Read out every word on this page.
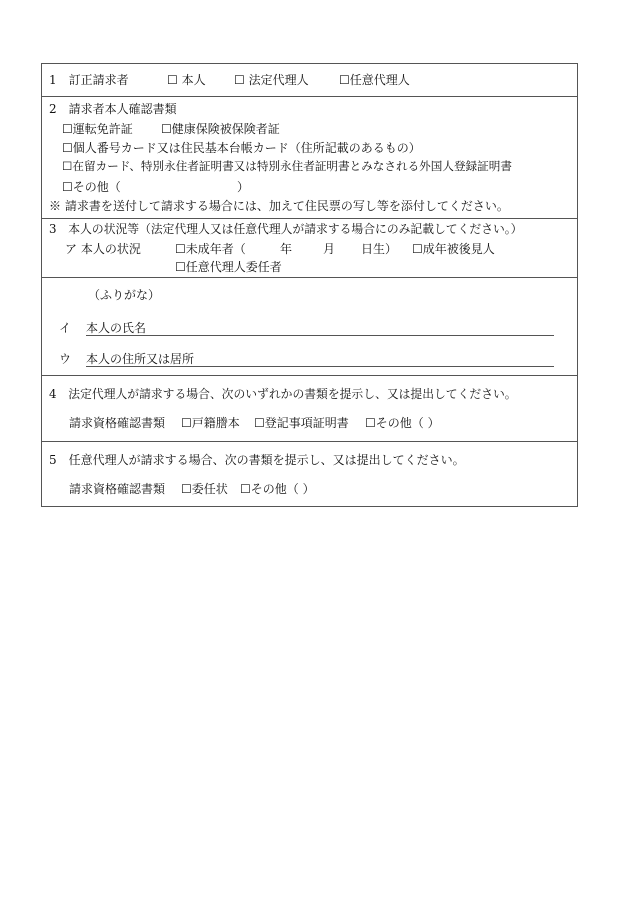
1　訂正請求者	☐ 本人 ☐ 法定代理人	☐任意代理人
2　請求者本人確認書類
☐運転免許証 ☐健康保険被保険者証
☐個人番号カード又は住民基本台帳カード（住所記載のあるもの）
☐在留カード、特別永住者証明書又は特別永住者証明書とみなされる外国人登録証明書
☐その他（	）
※ 請求書を送付して請求する場合には、加えて住民票の写し等を添付してください。
3　本人の状況等（法定代理人又は任意代理人が請求する場合にのみ記載してください。）
ア 本人の状況	☐未成年者（	年	月 日生） ☐成年被後見人
☐任意代理人委任者
（ふりがな）
イ 本人の氏名
ウ 本人の住所又は居所
4　法定代理人が請求する場合、次のいずれかの書類を提示し、又は提出してください。
請求資格確認書類 ☐戸籍謄本 ☐登記事項証明書 ☐その他（ ）
5　任意代理人が請求する場合、次の書類を提示し、又は提出してください。
請求資格確認書類 ☐委任状 ☐その他（ ）
